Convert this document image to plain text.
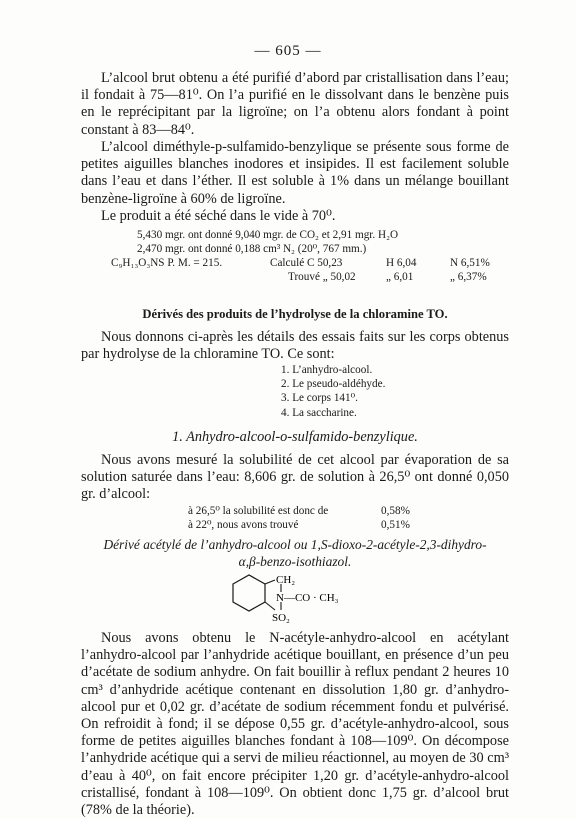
— 605 —

L’alcool brut obtenu a été purifié d’abord par cristallisation dans l’eau; il fondait à 75—81⁰. On l’a purifié en le dissolvant dans le benzène puis en le reprécipitant par la ligroïne; on l’a obtenu alors fondant à point constant à 83—84⁰.

L’alcool diméthyle-p-sulfamido-benzylique se présente sous forme de petites aiguilles blanches inodores et insipides. Il est facilement soluble dans l’eau et dans l’éther. Il est soluble à 1% dans un mélange bouillant benzène-ligroïne à 60% de ligroïne.

Le produit a été séché dans le vide à 70⁰.

5,430 mgr. ont donné 9,040 mgr. de CO₂ et 2,91 mgr. H₂O
2,470 mgr. ont donné 0,188 cm³ N₂ (20⁰, 767 mm.)
C₉H₁₃O₃NS P. M. = 215.	Calculé C 50,23	H 6,04	N 6,51%
Trouvé „ 50,02	„ 6,01	„ 6,37%
Dérivés des produits de l’hydrolyse de la chloramine TO.

Nous donnons ci-après les détails des essais faits sur les corps obtenus par hydrolyse de la chloramine TO. Ce sont:

1. L’anhydro-alcool.
2. Le pseudo-aldéhyde.
3. Le corps 141⁰.
4. La saccharine.
1. Anhydro-alcool-o-sulfamido-benzylique.

Nous avons mesuré la solubilité de cet alcool par évaporation de sa solution saturée dans l’eau: 8,606 gr. de solution à 26,5⁰ ont donné 0,050 gr. d’alcool:

à 26,5⁰ la solubilité est donc de	0,58%
à 22⁰, nous avons trouvé	0,51%
Dérivé acétylé de l’anhydro-alcool ou 1,S-dioxo-2-acétyle-2,3-dihydro-
α,β-benzo-isothiazol.
CH₂
N—CO · CH₃
SO₂

Nous avons obtenu le N-acétyle-anhydro-alcool en acétylant l’anhydro-alcool par l’anhydride acétique bouillant, en présence d’un peu d’acétate de sodium anhydre. On fait bouillir à reflux pendant 2 heures 10 cm³ d’anhydride acétique contenant en dissolution 1,80 gr. d’anhydro-alcool pur et 0,02 gr. d’acétate de sodium récemment fondu et pulvérisé. On refroidit à fond; il se dépose 0,55 gr. d’acétyle-anhydro-alcool, sous forme de petites aiguilles blanches fondant à 108—109⁰. On décompose l’anhydride acétique qui a servi de milieu réactionnel, au moyen de 30 cm³ d’eau à 40⁰, on fait encore précipiter 1,20 gr. d’acétyle-anhydro-alcool cristallisé, fondant à 108—109⁰. On obtient donc 1,75 gr. d’alcool brut (78% de la théorie).
